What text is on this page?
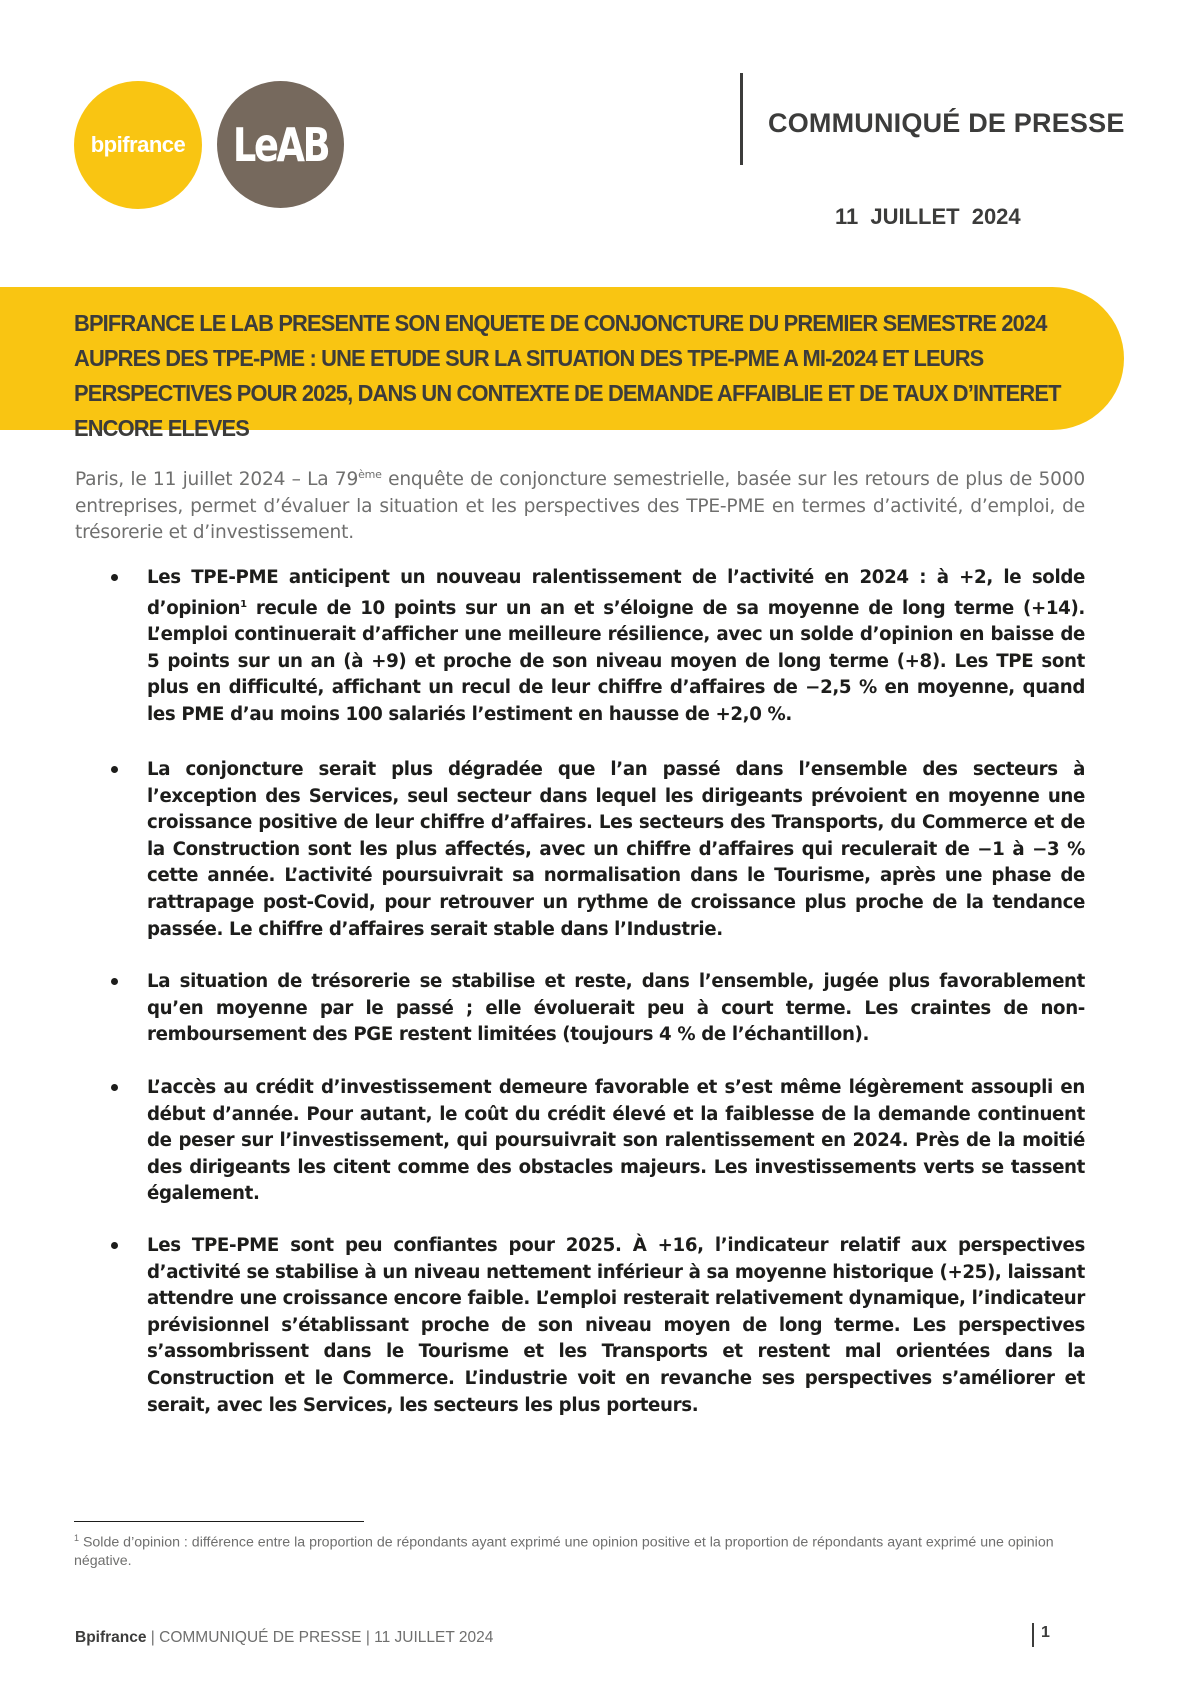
bpifrance LeAB	COMMUNIQUÉ DE PRESSE
11 JUILLET 2024
BPIFRANCE LE LAB PRESENTE SON ENQUETE DE CONJONCTURE DU PREMIER SEMESTRE 2024 AUPRES DES TPE-PME : UNE ETUDE SUR LA SITUATION DES TPE-PME A MI-2024 ET LEURS PERSPECTIVES POUR 2025, DANS UN CONTEXTE DE DEMANDE AFFAIBLIE ET DE TAUX D’INTERET ENCORE ELEVES

Paris, le 11 juillet 2024 – La 79ème enquête de conjoncture semestrielle, basée sur les retours de plus de 5000 entreprises, permet d’évaluer la situation et les perspectives des TPE-PME en termes d’activité, d’emploi, de trésorerie et d’investissement.

Les TPE-PME anticipent un nouveau ralentissement de l’activité en 2024 : à +2, le solde d’opinion$^1$ recule de 10 points sur un an et s’éloigne de sa moyenne de long terme (+14). L’emploi continuerait d’afficher une meilleure résilience, avec un solde d’opinion en baisse de 5 points sur un an (à +9) et proche de son niveau moyen de long terme (+8). Les TPE sont plus en difficulté, affichant un recul de leur chiffre d’affaires de −2,5 % en moyenne, quand les PME d’au moins 100 salariés l’estiment en hausse de +2,0 %.
La conjoncture serait plus dégradée que l’an passé dans l’ensemble des secteurs à l’exception des Services, seul secteur dans lequel les dirigeants prévoient en moyenne une croissance positive de leur chiffre d’affaires. Les secteurs des Transports, du Commerce et de la Construction sont les plus affectés, avec un chiffre d’affaires qui reculerait de −1 à −3 % cette année. L’activité poursuivrait sa normalisation dans le Tourisme, après une phase de rattrapage post-Covid, pour retrouver un rythme de croissance plus proche de la tendance passée. Le chiffre d’affaires serait stable dans l’Industrie.
La situation de trésorerie se stabilise et reste, dans l’ensemble, jugée plus favorablement qu’en moyenne par le passé ; elle évoluerait peu à court terme. Les craintes de non-remboursement des PGE restent limitées (toujours 4 % de l’échantillon).
L’accès au crédit d’investissement demeure favorable et s’est même légèrement assoupli en début d’année. Pour autant, le coût du crédit élevé et la faiblesse de la demande continuent de peser sur l’investissement, qui poursuivrait son ralentissement en 2024. Près de la moitié des dirigeants les citent comme des obstacles majeurs. Les investissements verts se tassent également.
Les TPE-PME sont peu confiantes pour 2025. À +16, l’indicateur relatif aux perspectives d’activité se stabilise à un niveau nettement inférieur à sa moyenne historique (+25), laissant attendre une croissance encore faible. L’emploi resterait relativement dynamique, l’indicateur prévisionnel s’établissant proche de son niveau moyen de long terme. Les perspectives s’assombrissent dans le Tourisme et les Transports et restent mal orientées dans la Construction et le Commerce. L’industrie voit en revanche ses perspectives s’améliorer et serait, avec les Services, les secteurs les plus porteurs.

$^1$ Solde d’opinion : différence entre la proportion de répondants ayant exprimé une opinion positive et la proportion de répondants ayant exprimé une opinion négative.

Bpifrance | COMMUNIQUÉ DE PRESSE | 11 JUILLET 2024	1
